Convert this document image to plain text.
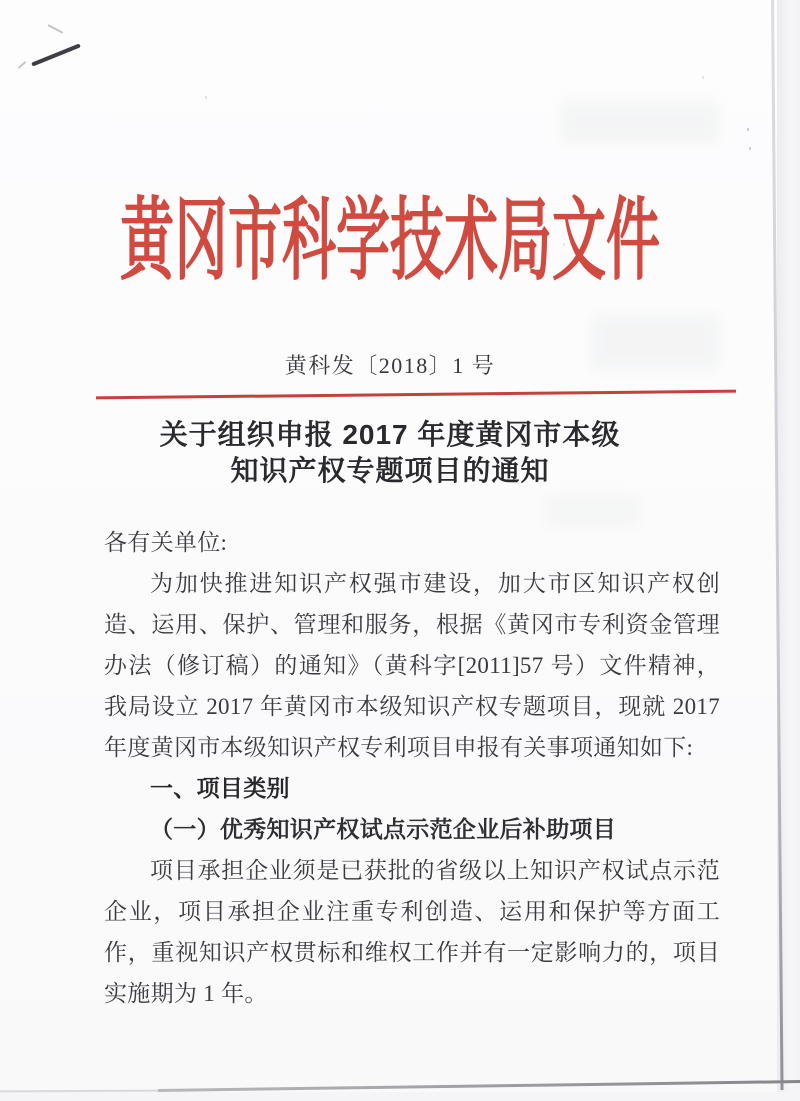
黄冈市科学技术局文件
黄科发〔2018〕1 号
关于组织申报 2017 年度黄冈市本级
知识产权专题项目的通知

各有关单位:

为加快推进知识产权强市建设，加大市区知识产权创造、运用、保护、管理和服务，根据《黄冈市专利资金管理办法（修订稿）的通知》（黄科字[2011]57 号）文件精神，我局设立 2017 年黄冈市本级知识产权专题项目，现就 2017 年度黄冈市本级知识产权专利项目申报有关事项通知如下:

一、项目类别

（一）优秀知识产权试点示范企业后补助项目

项目承担企业须是已获批的省级以上知识产权试点示范企业，项目承担企业注重专利创造、运用和保护等方面工作，重视知识产权贯标和维权工作并有一定影响力的，项目实施期为 1 年。
